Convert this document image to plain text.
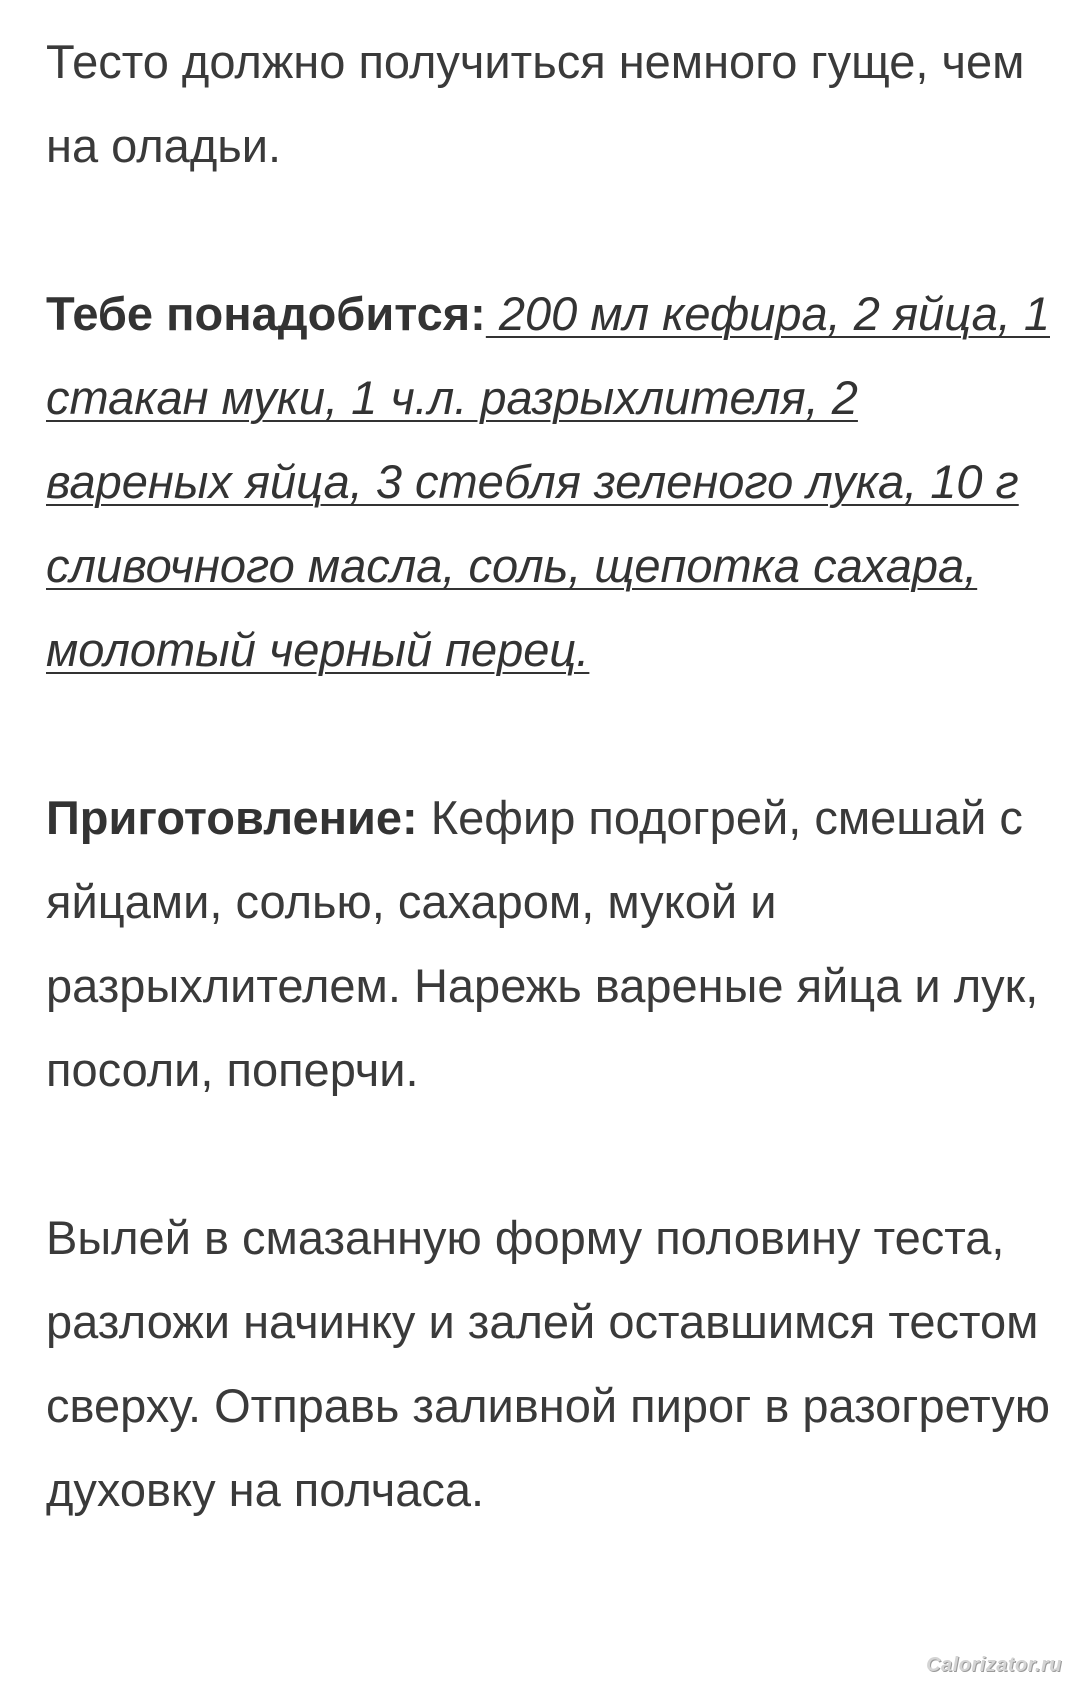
Тесто должно получиться немного гуще, чем на оладьи.

Тебе понадобится: 200 мл кефира, 2 яйца, 1 стакан муки, 1 ч.л. разрыхлителя, 2 вареных яйца, 3 стебля зеленого лука, 10 г сливочного масла, соль, щепотка сахара, молотый черный перец.

Приготовление: Кефир подогрей, смешай с яйцами, солью, сахаром, мукой и разрыхлителем. Нарежь вареные яйца и лук, посоли, поперчи.

Вылей в смазанную форму половину теста, разложи начинку и залей оставшимся тестом сверху. Отправь заливной пирог в разогретую духовку на полчаса.

Calorizator.ru
